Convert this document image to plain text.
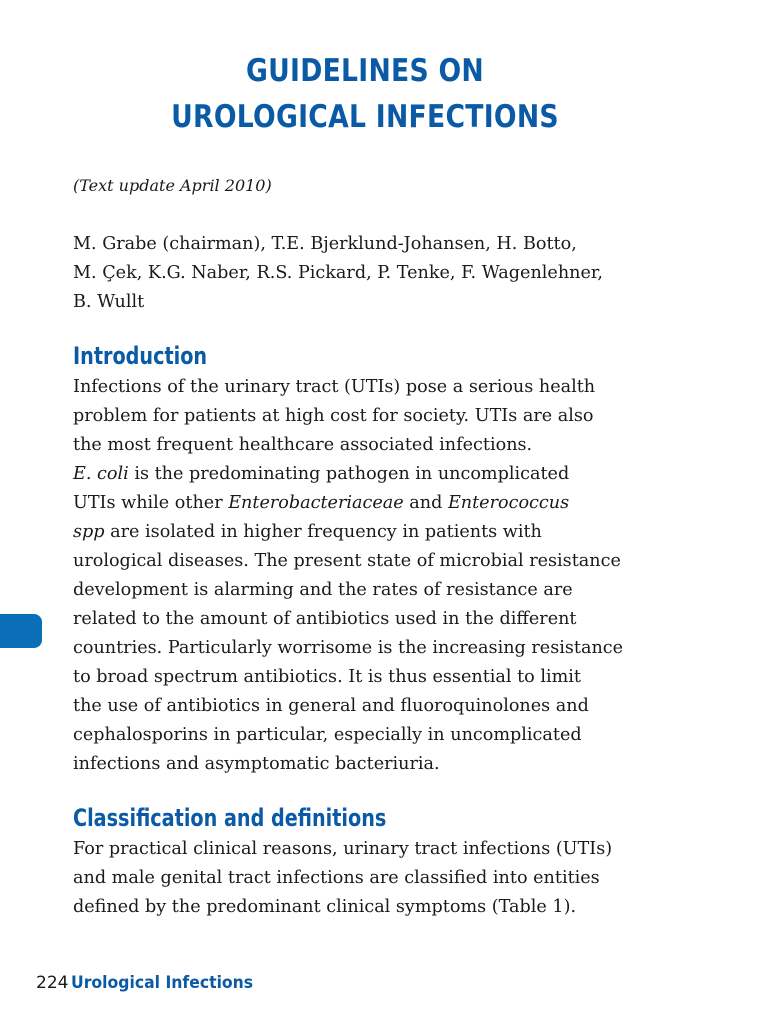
GUIDELINES ON
UROLOGICAL INFECTIONS

(Text update April 2010)

M. Grabe (chairman), T.E. Bjerklund-Johansen, H. Botto,
M. Çek, K.G. Naber, R.S. Pickard, P. Tenke, F. Wagenlehner,
B. Wullt

Introduction

Infections of the urinary tract (UTIs) pose a serious health
problem for patients at high cost for society. UTIs are also
the most frequent healthcare associated infections.
E. coli is the predominating pathogen in uncomplicated
UTIs while other Enterobacteriaceae and Enterococcus
spp are isolated in higher frequency in patients with
urological diseases. The present state of microbial resistance
development is alarming and the rates of resistance are
related to the amount of antibiotics used in the different
countries. Particularly worrisome is the increasing resistance
to broad spectrum antibiotics. It is thus essential to limit
the use of antibiotics in general and fluoroquinolones and
cephalosporins in particular, especially in uncomplicated
infections and asymptomatic bacteriuria.

Classification and definitions

For practical clinical reasons, urinary tract infections (UTIs)
and male genital tract infections are classified into entities
defined by the predominant clinical symptoms (Table 1).

224 Urological Infections
